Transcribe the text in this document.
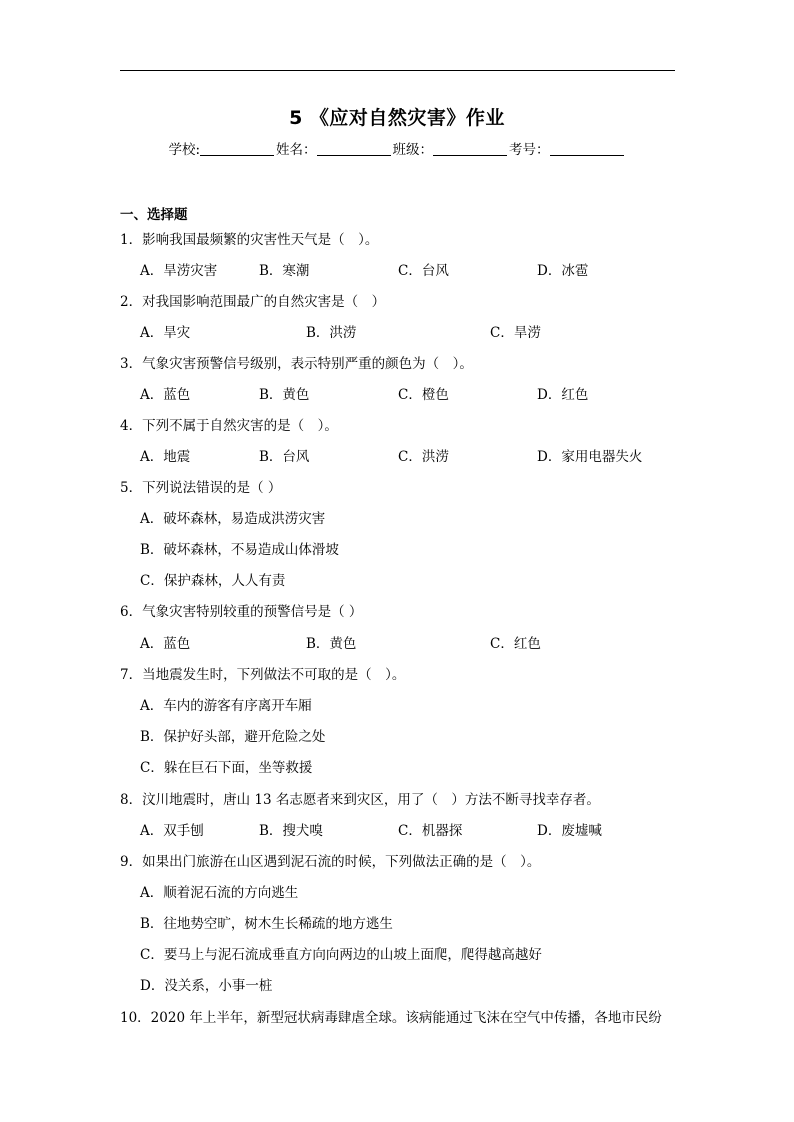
5 《应对自然灾害》作业
学校:	姓名：	班级：	考号：
一、选择题
1．影响我国最频繁的灾害性天气是（　）。
A．旱涝灾害	B．寒潮	C．台风	D．冰雹
2．对我国影响范围最广的自然灾害是（　）
A．旱灾	B．洪涝	C．旱涝
3．气象灾害预警信号级别，表示特别严重的颜色为（　）。
A．蓝色	B．黄色	C．橙色	D．红色
4．下列不属于自然灾害的是（　）。
A．地震	B．台风	C．洪涝	D．家用电器失火
5．下列说法错误的是（ ）
A．破坏森林，易造成洪涝灾害
B．破坏森林，不易造成山体滑坡
C．保护森林，人人有责
6．气象灾害特别较重的预警信号是（ ）
A．蓝色	B．黄色	C．红色
7．当地震发生时，下列做法不可取的是（　）。
A．车内的游客有序离开车厢
B．保护好头部，避开危险之处
C．躲在巨石下面，坐等救援
8．汶川地震时，唐山 13 名志愿者来到灾区，用了（　）方法不断寻找幸存者。
A．双手刨	B．搜犬嗅	C．机器探	D．废墟喊
9．如果出门旅游在山区遇到泥石流的时候，下列做法正确的是（　）。
A．顺着泥石流的方向逃生
B．往地势空旷，树木生长稀疏的地方逃生
C．要马上与泥石流成垂直方向向两边的山坡上面爬，爬得越高越好
D．没关系，小事一桩
10．2020 年上半年，新型冠状病毒肆虐全球。该病能通过飞沫在空气中传播，各地市民纷
